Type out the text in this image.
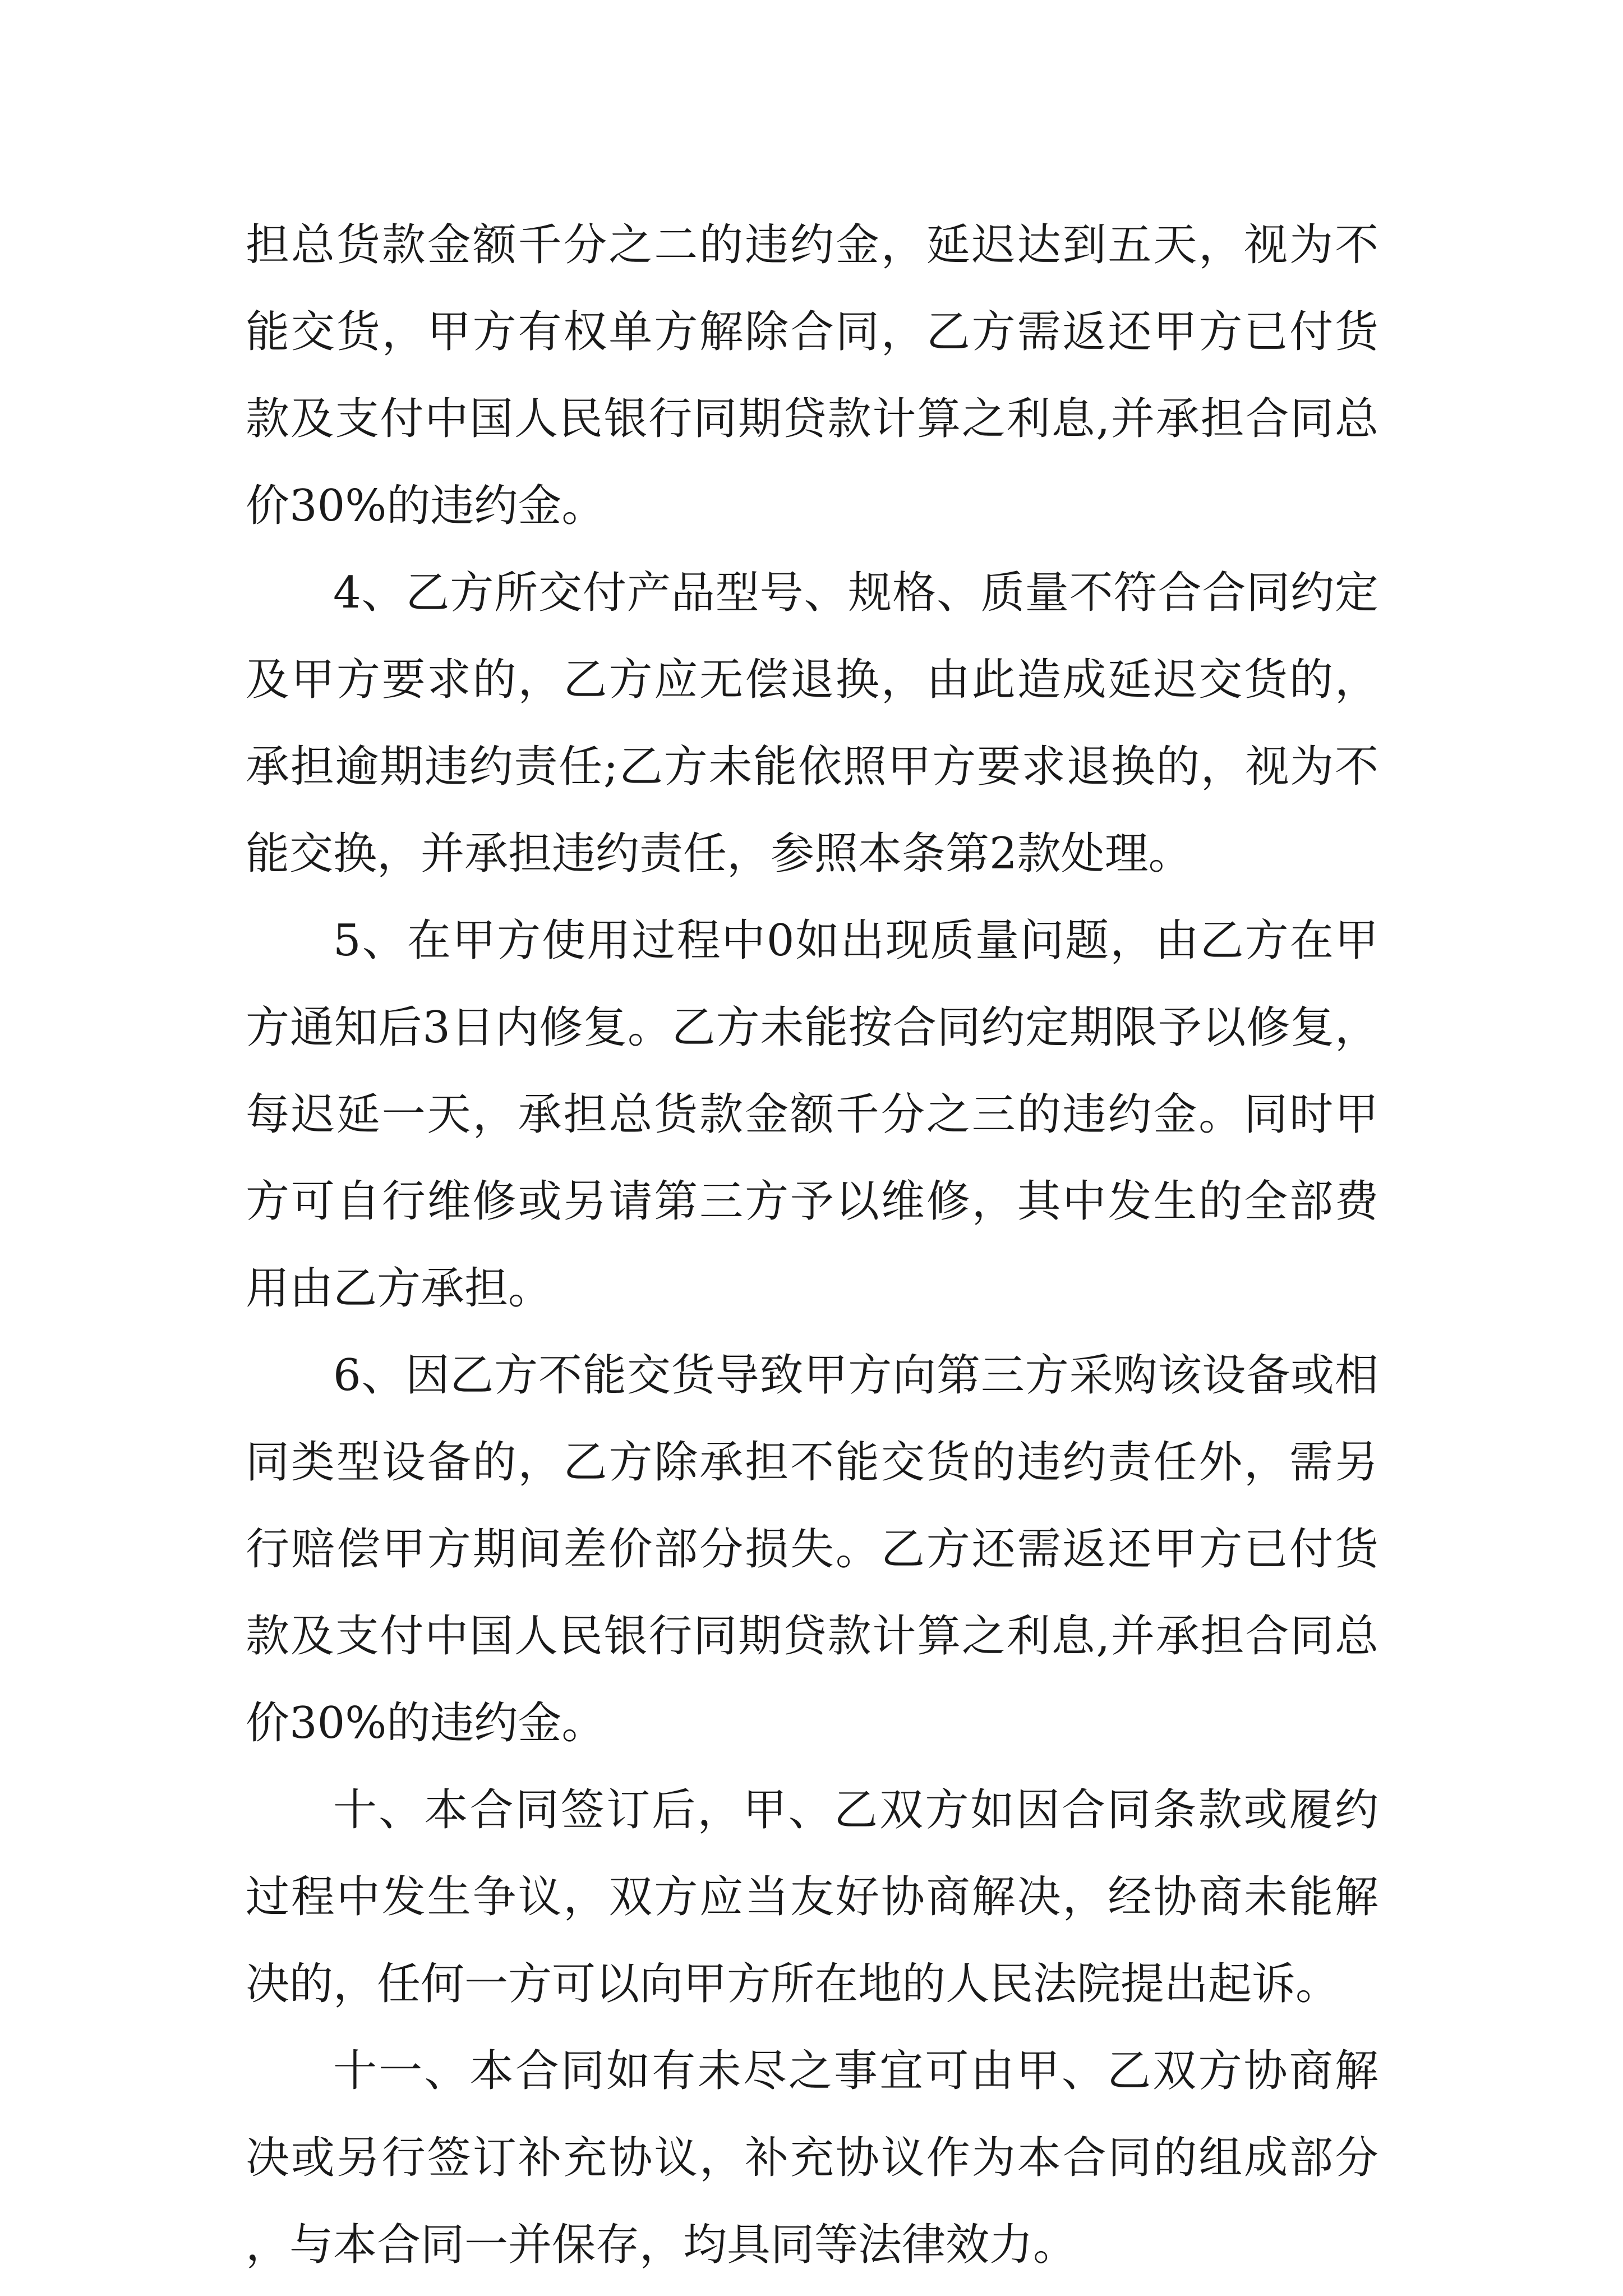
担总货款金额千分之二的违约金，延迟达到五天，视为不能交货，甲方有权单方解除合同，乙方需返还甲方已付货款及支付中国人民银行同期贷款计算之利息,并承担合同总价30%的违约金。

4、乙方所交付产品型号、规格、质量不符合合同约定及甲方要求的，乙方应无偿退换，由此造成延迟交货的，承担逾期违约责任;乙方未能依照甲方要求退换的，视为不能交换，并承担违约责任，参照本条第2款处理。

5、在甲方使用过程中0如出现质量问题，由乙方在甲方通知后3日内修复。乙方未能按合同约定期限予以修复，每迟延一天，承担总货款金额千分之三的违约金。同时甲方可自行维修或另请第三方予以维修，其中发生的全部费用由乙方承担。

6、因乙方不能交货导致甲方向第三方采购该设备或相同类型设备的，乙方除承担不能交货的违约责任外，需另行赔偿甲方期间差价部分损失。乙方还需返还甲方已付货款及支付中国人民银行同期贷款计算之利息,并承担合同总价30%的违约金。

十、本合同签订后，甲、乙双方如因合同条款或履约过程中发生争议，双方应当友好协商解决，经协商未能解决的，任何一方可以向甲方所在地的人民法院提出起诉。

十一、本合同如有未尽之事宜可由甲、乙双方协商解决或另行签订补充协议，补充协议作为本合同的组成部分，与本合同一并保存，均具同等法律效力。
